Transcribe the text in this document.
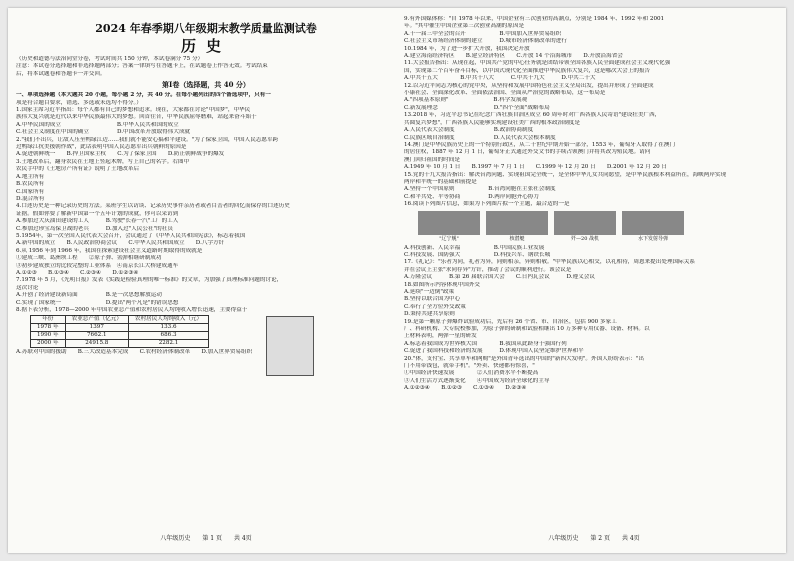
2024 年春季期八年级期末教学质量监测试卷
历史
（历史和道德与法治同堂分卷，考试时间共 150 分钟，本试卷满分 75 分）
注意：本试卷分选择题和非选择题两部分；答案一律填写在答题卡上，在试题卷上作答无效。考试结束
后，将本试题卷和答题卡一并交回。
第Ⅰ卷（选择题，共 40 分）
一、单项选择题（本大题共 20 小题，每小题 2 分，共 40 分。在每小题列出的四个备选项中，只有一
项是符合题目要求，错选、多选或未选均不得分。）
1.国家主席习近平指出：每个人都有自己的梦想和追求。现在，大家都在讨论"中国梦"，中华民
族伟大复兴就是近代以来中华民族最伟大的梦想。回首往昔，中华民族屈辱磨难，站起来奋斗始于
A.中华民国的成立　　　　　　　　　　B.中华人民共和国的成立
C.社会主义制度在中国的确立　　　　　D.中国改革开放取得伟大成就
2."我们不出兵，让敌人压至鸭绿江边……我们就不能安心搞和平建设。"为了保家卫国，中国人民志愿军跨
过鸭绿江抗美援朝作战"，此话表明中国人民志愿军出兵朝鲜的原因是
A.促进朝鲜统一　　B.捍卫国家主权　　C.为了保家卫国　　D.防止朝鲜战争的爆发
3.土地改革后，翻身农民在土地上竖起木牌，写上自己的名字。右图中
农民手中的《土地房产所有证》说明了土地改革后
A.地主所有
B.农民所有
C.国家所有
D.混合所有
4.口述历史是一种记录历史的方法。某班学生以访谈、记录历史事件亲历者或者目击者的回忆而保存的口述历史
证据。假如你要了解新中国第一个五年计划的成就，你可以采访到
A.参加过大庆油田建设的工人　　　B.驾驶"长春一汽"工厂的工人
C.参加过珍宝岛保卫战的老兵　　　D.加入过"人民公社"的社员
5.1954年，第一次全国人民代表大会召开，会议通过了《中华人民共和国宪法》，标志着我国
A.新中国的成立　　B.人民政治协商会议　　C.中华人民共和国成立　　D.八字方针
6.从 1956 年到 1966 年，我国在探索建设社会主义道路时期取得的成就是
①建成三峡、葛洲坝工程　　②原子弹、氢弹相继研制成功
③初步建成独立的比较完整的工业体系　④南京长江大桥建成通车
A.①②③　　B.①③④　　C.②③④　　D.①②③④
7.1978 年 5 月，《光明日报》发表《实践是检验真理的唯一标准》的文章，为加强了真理标准问题的讨论，
这次讨论
A.开创了经济建设新局面　　　　　B.是一次思想解放运动
C.实现了国家统一　　　　　　　　D.提出"两个凡是"的错误思想
8.据下表分析，1978—2000 年中国农业总产值和农村居民人均纯收入增长迅速，主要得益于
年份	农业总产值（亿元）	农村居民人均纯收入（元）
1978 年	1397	133.6
1990 年	7662.1	686.3
2000 年	24915.8	2282.1
A.苏联对中国的援助　　B.三大改造基本完成　　C.农村经济体制改革　　D.加入世界贸易组织
八年级历史　　第 1 页　　共 4页
9.有外国媒体称："自 1978 年以来，中国企业有三次创业的高潮点，分别是 1984 年、1992 年和 2001
年。"其中催生中国企业第三次创业高潮的原因是
A.十一届三中全会的召开　　　　　　B.中国加入世界贸易组织
C.社会主义市场经济体制的建立　　　D.城市经济体制改革的进行
10.1984 年，为了进一步扩大开放，我国决定开放
A.建立海南经济特区　　B.建立经济特区　　C.开放 14 个沿海城市　　D.开放沿海省会
11.大会报告指出：从现在起，中国共产党的中心任务就是团结带领全国各族人民全面建成社会主义现代化强
国，实现第二个百年奋斗目标，以中国式现代化全面推进中华民族伟大复兴，这是哪次大会上的报告
A.中共十五大　　　　B.中共十八大　　　C.中共十九大　　　D.中共二十大
12.以习近平同志为核心的党中央，从坚持和发展中国特色社会主义全局出发，提出并形成了全面建成
小康社会、全面深化改革、全面依法治国、全面从严治党的战略布局，这一布局是
A."四项基本原则"　　　　　　　　B.科学发展观
C.新发展理念　　　　　　　　　　D."四个全面"战略布局
13.2018 年，习近平总书记在纪念广西壮族自治区成立 60 周年时对广西各族人民寄语"建设壮美广西，
共圆复兴梦想"，广西各族人民能够实现建设壮美广西的根本政治制度是
A.人民代表大会制度　　　　　　　B.政治协商制度
C.民族区域自治制度　　　　　　　D.人民代表大会根本制度
14.澳门是中华民族历史上的一个特别行政区，从二十世纪中期开始一部分，1553 年，葡萄牙人取得了在澳门
的居住权，1887 年 12 月 1 日，葡萄牙正式通过外交文书的手续占领澳门并将其改为殖民地。请问
澳门回归祖国的时间是
A.1949 年 10 月 1 日　　B.1997 年 7 月 1 日　　C.1999 年 12 月 20 日　　D.2001 年 12 月 20 日
15.党的十九大报告指出：解决台湾问题、实现祖国完全统一，是全体中华儿女共同愿望，是中华民族根本利益所在，海峡两岸实现
两岸和平统一的基础和前提是
A.坚持一个中国原则　　　　　　B.台湾同胞在主张社会制度
C.和平共处、平等协商　　　　　D.两岸同胞齐心协力
16.阅读下列图片信息，如果为下列图片拟一个主题，最合适的一是
"辽宁舰"	核潜艇	歼—20 战机	水下发射导弹
A.科技创新、人民幸福　　　　　　B.中国民族工业发展
C.科技发展、国防强大　　　　　　D.科技兴军、钢铁长城
17.《礼记》："乐者为同，礼者为异，同则相亲，异则相敬。"中华民族以心相交，以礼相待，周恩来提出处理国际关系
并在会议上主张"求同存异"方针，推动了会议的顺利进行。该会议是
A.万隆会议　　　B.第 26 届联合国大会　　C.日内瓦会议　　　D.遵义会议
18.如图所示内容体现中国外交
A.延续"一边倒"政策
B.坚持以联合国为中心
C.奉行了全方位外交政策
D.秉持共建共享原则
19.是第一颗原子弹爆炸试验成功后，先后有 26 个省、市、自治区，包括 900 多家工
厂、科研机构、大专院校参加，为原子弹的研制和试验相继出 10 万多种专用仪器、设备、材料。以
上材料表明，两弹一星的研发
A.标志着我国成为世界核大国　　　　B.我国从此跻身于强国行列
C.促进了我国科技和经济的发展　　　D.体现中国人民坚定维护世界和平
20."体，支付宝、共享单车和网购"是外国青年选出的中国的"新四大发明"。外国人纷纷表示："出
门不用带钱包，就带手机"。"外卖、快递都有惊喜，"
①中国经济快速发展　　　　②人们消费水平不断提高
③人们生活方式逐渐变化　　④中国成为经济全球化的主导
A.①②③④　　B.①②③　　C.①③④　　D.②③④
八年级历史　　第 2 页　　共 4页
